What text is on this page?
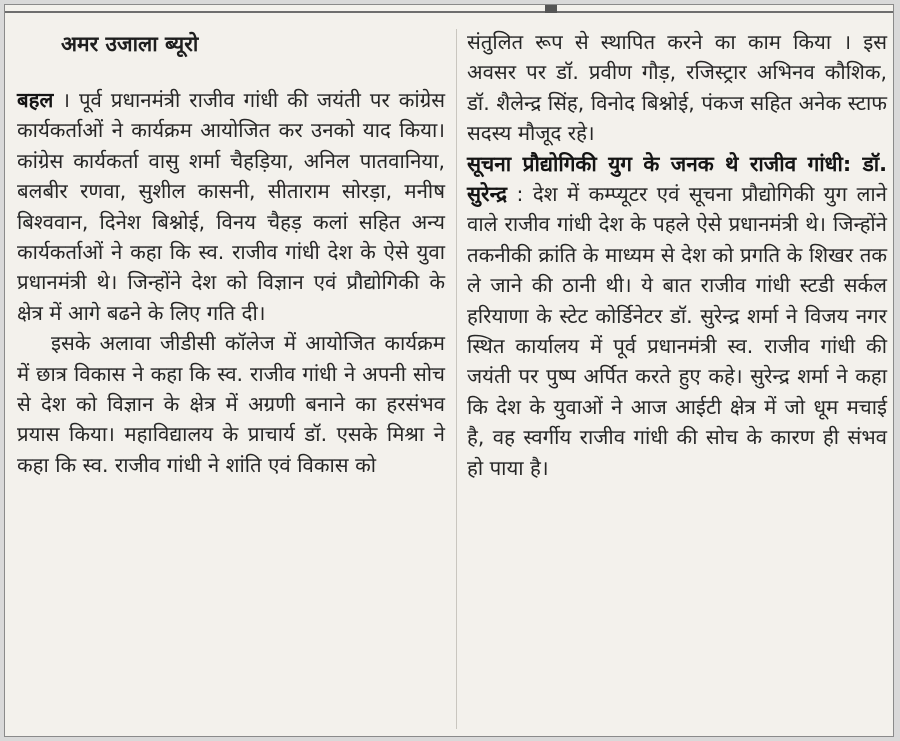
अमर उजाला ब्यूरो

बहल । पूर्व प्रधानमंत्री राजीव गांधी की जयंती पर कांग्रेस कार्यकर्ताओं ने कार्यक्रम आयोजित कर उनको याद किया। कांग्रेस कार्यकर्ता वासु शर्मा चैहड़िया, अनिल पातवानिया, बलबीर रणवा, सुशील कासनी, सीताराम सोरड़ा, मनीष बिश्ववान, दिनेश बिश्नोई, विनय चैहड़ कलां सहित अन्य कार्यकर्ताओं ने कहा कि स्व. राजीव गांधी देश के ऐसे युवा प्रधानमंत्री थे। जिन्होंने देश को विज्ञान एवं प्रौद्योगिकी के क्षेत्र में आगे बढने के लिए गति दी।

इसके अलावा जीडीसी कॉलेज में आयोजित कार्यक्रम में छात्र विकास ने कहा कि स्व. राजीव गांधी ने अपनी सोच से देश को विज्ञान के क्षेत्र में अग्रणी बनाने का हरसंभव प्रयास किया। महाविद्यालय के प्राचार्य डॉ. एसके मिश्रा ने कहा कि स्व. राजीव गांधी ने शांति एवं विकास को

संतुलित रूप से स्थापित करने का काम किया । इस अवसर पर डॉ. प्रवीण गौड़, रजिस्ट्रार अभिनव कौशिक, डॉ. शैलेन्द्र सिंह, विनोद बिश्नोई, पंकज सहित अनेक स्टाफ सदस्य मौजूद रहे।

सूचना प्रौद्योगिकी युग के जनक थे राजीव गांधी: डॉ. सुरेन्द्र : देश में कम्प्यूटर एवं सूचना प्रौद्योगिकी युग लाने वाले राजीव गांधी देश के पहले ऐसे प्रधानमंत्री थे। जिन्होंने तकनीकी क्रांति के माध्यम से देश को प्रगति के शिखर तक ले जाने की ठानी थी। ये बात राजीव गांधी स्टडी सर्कल हरियाणा के स्टेट कोर्डिनेटर डॉ. सुरेन्द्र शर्मा ने विजय नगर स्थित कार्यालय में पूर्व प्रधानमंत्री स्व. राजीव गांधी की जयंती पर पुष्प अर्पित करते हुए कहे। सुरेन्द्र शर्मा ने कहा कि देश के युवाओं ने आज आईटी क्षेत्र में जो धूम मचाई है, वह स्वर्गीय राजीव गांधी की सोच के कारण ही संभव हो पाया है।
